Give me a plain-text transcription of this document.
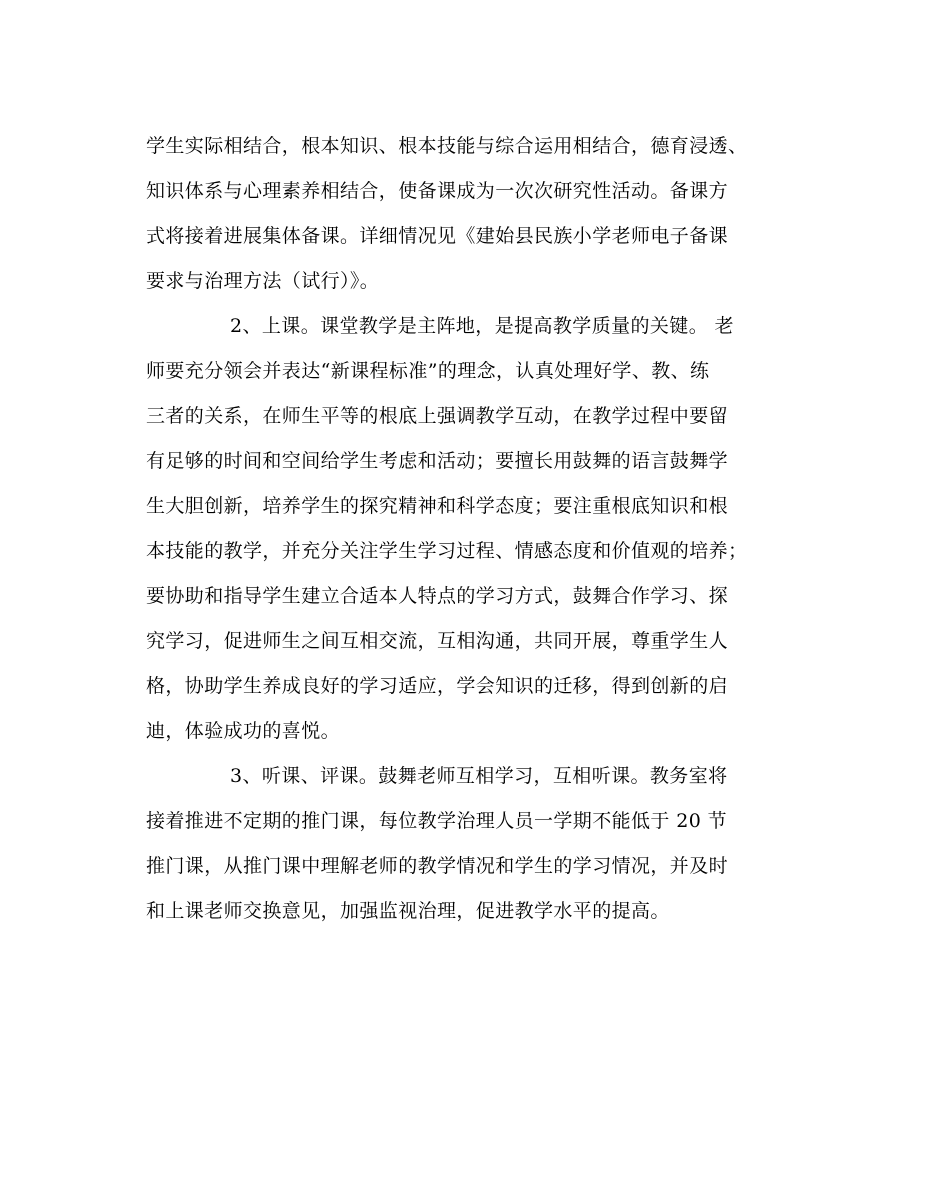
学生实际相结合，根本知识、根本技能与综合运用相结合，德育浸透、
知识体系与心理素养相结合，使备课成为一次次研究性活动。备课方
式将接着进展集体备课。详细情况见《建始县民族小学老师电子备课
要求与治理方法（试行）》。
2、上课。课堂教学是主阵地，是提高教学质量的关键。 老
师要充分领会并表达“新课程标准”的理念，认真处理好学、教、练
三者的关系，在师生平等的根底上强调教学互动，在教学过程中要留
有足够的时间和空间给学生考虑和活动；要擅长用鼓舞的语言鼓舞学
生大胆创新，培养学生的探究精神和科学态度；要注重根底知识和根
本技能的教学，并充分关注学生学习过程、情感态度和价值观的培养；
要协助和指导学生建立合适本人特点的学习方式，鼓舞合作学习、探
究学习，促进师生之间互相交流，互相沟通，共同开展，尊重学生人
格，协助学生养成良好的学习适应，学会知识的迁移，得到创新的启
迪，体验成功的喜悦。
3、听课、评课。鼓舞老师互相学习，互相听课。教务室将
接着推进不定期的推门课，每位教学治理人员一学期不能低于 20 节
推门课，从推门课中理解老师的教学情况和学生的学习情况，并及时
和上课老师交换意见，加强监视治理，促进教学水平的提高。
